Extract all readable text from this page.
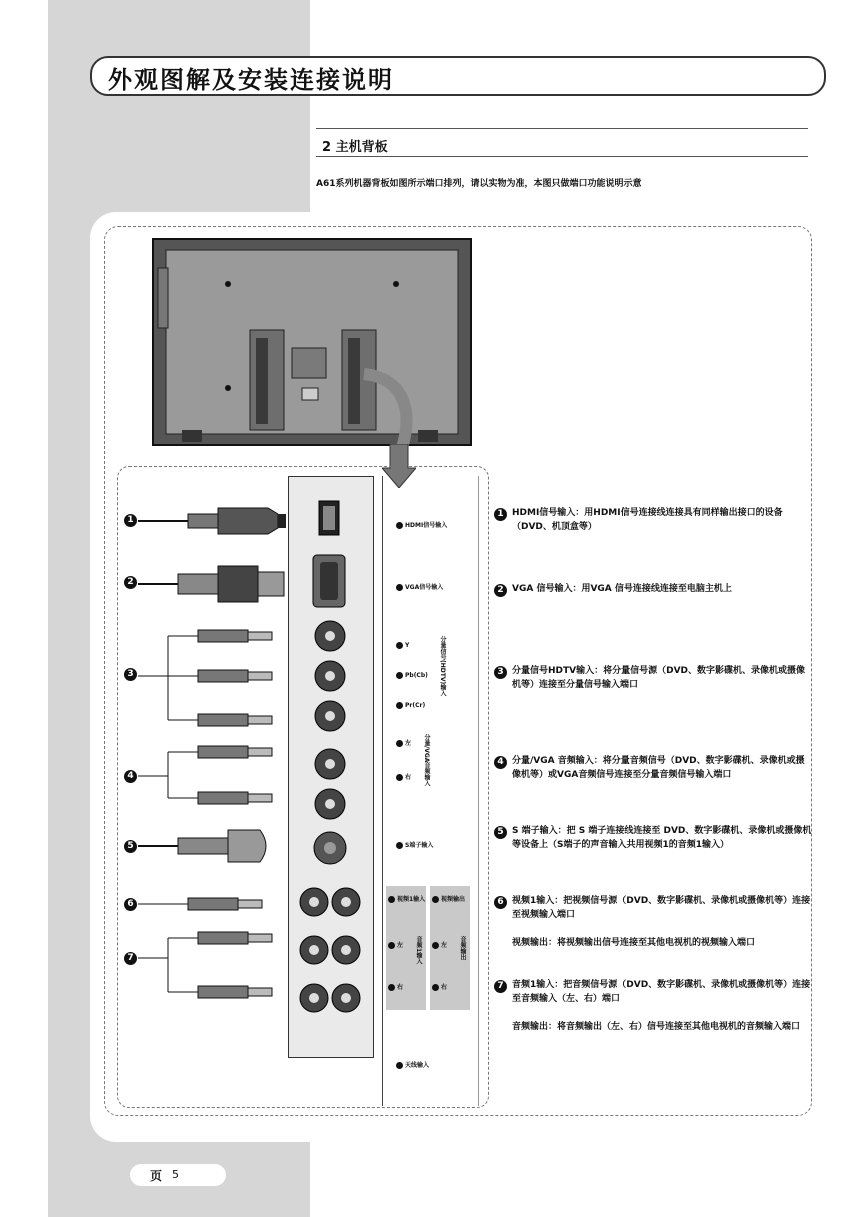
外观图解及安装连接说明
2 主机背板
A61系列机器背板如图所示端口排列，请以实物为准，本图只做端口功能说明示意
HDMI信号输入
VGA信号输入
Y
Pb(Cb)
Pr(Cr)
分量信号(HDTV)输入
左
右 分量/VGA音频输入
S端子输入
视频1输入	视频输出
左
右
音频1输入	左
右
音频输出
天线输入
1
2
3
4
5
6
7
1 HDMI信号输入：用HDMI信号连接线连接具有同样输出接口的设备（DVD、机顶盒等）
2 VGA 信号输入：用VGA 信号连接线连接至电脑主机上
3 分量信号HDTV输入：将分量信号源（DVD、数字影碟机、录像机或摄像机等）连接至分量信号输入端口
4 分量/VGA 音频输入：将分量音频信号（DVD、数字影碟机、录像机或摄像机等）或VGA音频信号连接至分量音频信号输入端口
5 S 端子输入：把 S 端子连接线连接至 DVD、数字影碟机、录像机或摄像机等设备上（S端子的声音输入共用视频1的音频1输入）
6 视频1输入：把视频信号源（DVD、数字影碟机、录像机或摄像机等）连接至视频输入端口
视频输出：将视频输出信号连接至其他电视机的视频输入端口
7 音频1输入：把音频信号源（DVD、数字影碟机、录像机或摄像机等）连接至音频输入（左、右）端口
音频输出：将音频输出（左、右）信号连接至其他电视机的音频输入端口
页 5
